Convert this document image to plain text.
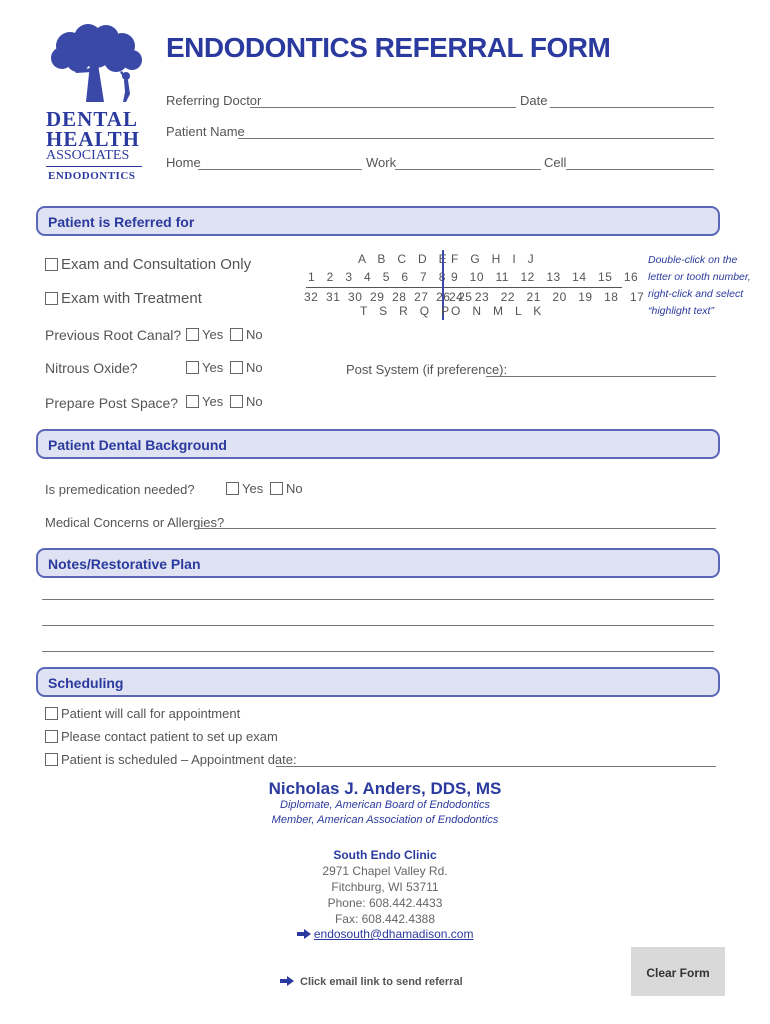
DENTAL
HEALTH
ASSOCIATES
ENDODONTICS
ENDODONTICS REFERRAL FORM
Referring Doctor	Date
Patient Name
Home	Work	Cell
Patient is Referred for
Exam and Consultation Only
Exam with Treatment
A   B   C   D   E F   G   H   I   J
1   2   3   4   5   6   7   8 9   10   11   12   13   14   15   16
32  31  30  29  28  27  26  25
24   23   22   21   20   19   18   17
T   S   R   Q   P O   N   M   L   K
Double-click on the
letter or tooth number,
right-click and select
“highlight text”
Previous Root Canal?	Yes	No
Nitrous Oxide?	Yes	No	Post System (if preference):
Prepare Post Space?	Yes	No
Patient Dental Background
Is premedication needed?	Yes	No
Medical Concerns or Allergies?
Notes/Restorative Plan
Scheduling
Patient will call for appointment
Please contact patient to set up exam
Patient is scheduled – Appointment date:
Nicholas J. Anders, DDS, MS
Diplomate, American Board of Endodontics
Member, American Association of Endodontics
South Endo Clinic
2971 Chapel Valley Rd.
Fitchburg, WI 53711
Phone: 608.442.4433
Fax: 608.442.4388
endosouth@dhamadison.com
Click email link to send referral
Clear Form
